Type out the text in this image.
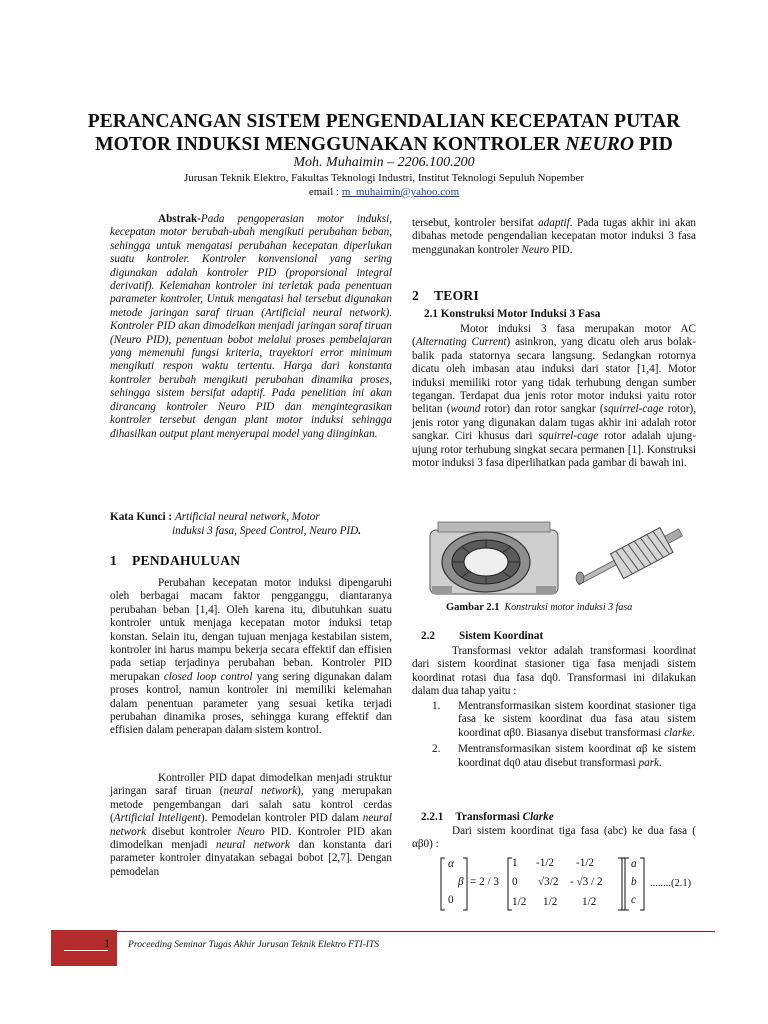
PERANCANGAN SISTEM PENGENDALIAN KECEPATAN PUTAR
MOTOR INDUKSI MENGGUNAKAN KONTROLER NEURO PID
Moh. Muhaimin – 2206.100.200
Jurusan Teknik Elektro, Fakultas Teknologi Industri, Institut Teknologi Sepuluh Nopember
email : m_muhaimin@yahoo.com
Abstrak-Pada pengoperasian motor induksi, kecepatan motor berubah-ubah mengikuti perubahan beban, sehingga untuk mengatasi perubahan kecepatan diperlukan suatu kontroler. Kontroler konvensional yang sering digunakan adalah kontroler PID (proporsional integral derivatif). Kelemahan kontroler ini terletak pada penentuan parameter kontroler, Untuk mengatasi hal tersebut digunakan metode jaringan saraf tiruan (Artificial neural network). Kontroler PID akan dimodelkan menjadi jaringan saraf tiruan (Neuro PID), penentuan bobot melalui proses pembelajaran yang memenuhi fungsi kriteria, trayektori error minimum mengikuti respon waktu tertentu. Harga dari konstanta kontroler berubah mengikuti perubahan dinamika proses, sehingga sistem bersifat adaptif. Pada penelitian ini akan dirancang kontroler Neuro PID dan mengintegrasikan kontroler tersebut dengan plant motor induksi sehingga dihasilkan output plant menyerupai model yang diinginkan.
Kata Kunci : Artificial neural network, Motor
induksi 3 fasa, Speed Control, Neuro PID.
1 PENDAHULUAN
Perubahan kecepatan motor induksi dipengaruhi oleh berbagai macam faktor pengganggu, diantaranya perubahan beban [1,4]. Oleh karena itu, dibutuhkan suatu kontroler untuk menjaga kecepatan motor induksi tetap konstan. Selain itu, dengan tujuan menjaga kestabilan sistem, kontroler ini harus mampu bekerja secara effektif dan effisien pada setiap terjadinya perubahan beban. Kontroler PID merupakan closed loop control yang sering digunakan dalam proses kontrol, namun kontroler ini memiliki kelemahan dalam penentuan parameter yang sesuai ketika terjadi perubahan dinamika proses, sehingga kurang effektif dan effisien dalam penerapan dalam sistem kontrol.
Kontroller PID dapat dimodelkan menjadi struktur jaringan saraf tiruan (neural network), yang merupakan metode pengembangan dari salah satu kontrol cerdas (Artificial Inteligent). Pemodelan kontroler PID dalam neural network disebut kontroler Neuro PID. Kontroler PID akan dimodelkan menjadi neural network dan konstanta dari parameter kontroler dinyatakan sebagai bobot [2,7]. Dengan pemodelan
tersebut, kontroler bersifat adaptif. Pada tugas akhir ini akan dibahas metode pengendalian kecepatan motor induksi 3 fasa menggunakan kontroler Neuro PID.
2 TEORI
2.1 Konstruksi Motor Induksi 3 Fasa
Motor induksi 3 fasa merupakan motor AC (Alternating Current) asinkron, yang dicatu oleh arus bolak-balik pada statornya secara langsung. Sedangkan rotornya dicatu oleh imbasan atau induksi dari stator [1,4]. Motor induksi memiliki rotor yang tidak terhubung dengan sumber tegangan. Terdapat dua jenis rotor motor induksi yaitu rotor belitan (wound rotor) dan rotor sangkar (squirrel-cage rotor), jenis rotor yang digunakan dalam tugas akhir ini adalah rotor sangkar. Ciri khusus dari squirrel-cage rotor adalah ujung-ujung rotor terhubung singkat secara permanen [1]. Konstruksi motor induksi 3 fasa diperlihatkan pada gambar di bawah ini.
Gambar 2.1 Konstruksi motor induksi 3 fasa
2.2 Sistem Koordinat
Transformasi vektor adalah transformasi koordinat dari sistem koordinat stasioner tiga fasa menjadi sistem koordinat rotasi dua fasa dq0. Transformasi ini dilakukan dalam dua tahap yaitu :
1.	Mentransformasikan sistem koordinat stasioner tiga fasa ke sistem koordinat dua fasa atau sistem koordinat αβ0. Biasanya disebut transformasi clarke.
2.	Mentransformasikan sistem koordinat αβ ke sistem koordinat dq0 atau disebut transformasi park.
2.2.1 Transformasi Clarke
Dari sistem koordinat tiga fasa (abc) ke dua fasa ( αβ0) :
α
β
0
= 2 / 3
1 -1/2 -1/2
0 √3/2 - √3 / 2
1/2 1/2 1/2
a
b
c
........(2.1)
1 Proceeding Seminar Tugas Akhir Jurusan Teknik Elektro FTI-ITS
